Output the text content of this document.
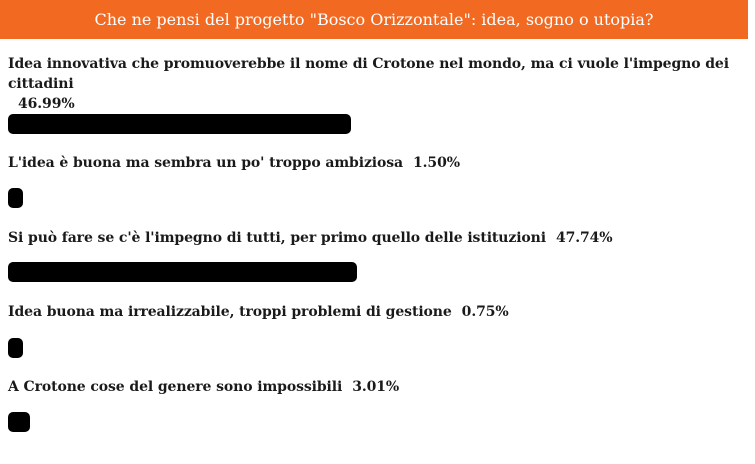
Che ne pensi del progetto "Bosco Orizzontale": idea, sogno o utopia?
Idea innovativa che promuoverebbe il nome di Crotone nel mondo, ma ci vuole l'impegno dei cittadini
46.99%
L'idea è buona ma sembra un po' troppo ambiziosa 1.50%
Si può fare se c'è l'impegno di tutti, per primo quello delle istituzioni 47.74%
Idea buona ma irrealizzabile, troppi problemi di gestione 0.75%
A Crotone cose del genere sono impossibili 3.01%
